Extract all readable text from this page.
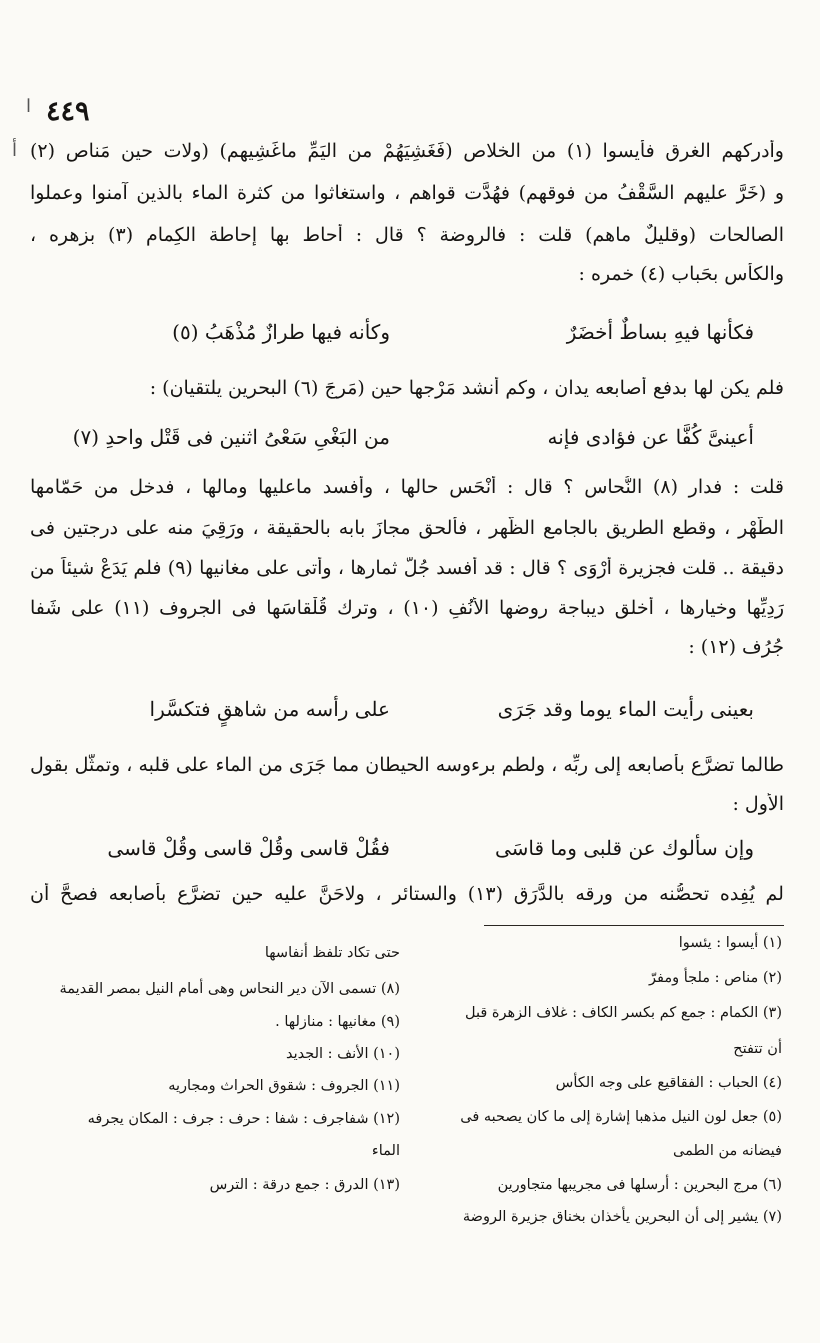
٤٤٩
ا
أ وأدركهم الغرق فأيسوا (١) من الخلاص (فَغَشِيَهُمْ من اليَمِّ ماغَشِيهم) (ولات حين مَناص (٢)
و (خَرَّ عليهم السَّقْفُ من فوقهم) فهُدَّت قواهم ، واستغاثوا من كثرة الماء بالذين آمنوا وعملوا
الصالحات (وقليلٌ ماهم) قلت : فالروضة ؟ قال : أحاط بها إحاطة الكِمام (٣) بزهره ،
والكأس بحَباب (٤) خمره :
فكأنها فيهِ بساطٌ أخضَرٌ
وكأنه فيها طرازٌ مُذْهَبُ (٥)
فلم يكن لها بدفع أصابعه يدان ، وكم أنشد مَرْجها حين (مَرجَ (٦) البحرين يلتقيان) :
أعينىَّ كُفَّا عن فؤادى فإنه
من البَغْىِ سَعْىُ اثنين فى قَتْل واحدِ (٧)
قلت : فدار (٨) النُّحاس ؟ قال : أنْحَس حالها ، وأفسد ماعليها ومالها ، فدخل من حَمّامها
الطُّهْر ، وقطع الطريق بالجامع الظُّهر ، فألحق مجازَ بابه بالحقيقة ، ورَقِيَ منه على درجتين فى
دقيقة .. قلت فجزيرة أَرْوَى ؟ قال : قد أفسد جُلَّ ثمارها ، وأتى على مغانيها (٩) فلم يَدَعْ شيئاً من
رَدِيِّها وخيارها ، أخلق ديباجة روضها الأُنُفِ (١٠) ، وترك قُلْقاسَها فى الجروف (١١) على شَفا
جُرُف (١٢) :
بعينى رأيت الماء يوما وقد جَرَى
على رأسه من شاهقٍ فتكسَّرا
طالما تضرَّع بأصابعه إلى ربِّه ، ولطم برءوسه الحيطان مما جَرَى من الماء على قلبه ، وتمثَّل بقول
الأول :
وإن سألوك عن قلبى وما قاسَى
فقُلْ قاسى وقُلْ قاسى وقُلْ قاسى
لم يُفِده تحصُّنه من ورقه بالدَّرَق (١٣) والستائر ، ولاحَنَّ عليه حين تضرَّع بأصابعه فصحَّ أن
(١) أيسوا : يئسوا
(٢) مناص : ملجأ ومفرّ
(٣) الكمام : جمع كم بكسر الكاف : غلاف الزهرة قبل
أن تتفتح
(٤) الحباب : الفقاقيع على وجه الكأس
(٥) جعل لون النيل مذهبا إشارة إلى ما كان يصحبه فى
فيضانه من الطمى
(٦) مرج البحرين : أرسلها فى مجريبها متجاورين
(٧) يشير إلى أن البحرين يأخذان بخناق جزيرة الروضة
حتى تكاد تلفظ أنفاسها
(٨) تسمى الآن دير النحاس وهى أمام النيل بمصر القديمة
(٩) مغانيها : منازلها .
(١٠) الأنف : الجديد
(١١) الجروف : شقوق الحراث ومجاريه
(١٢) شفاجرف : شفا : حرف : جرف : المكان يجرفه
الماء
(١٣) الدرق : جمع درقة : الترس
